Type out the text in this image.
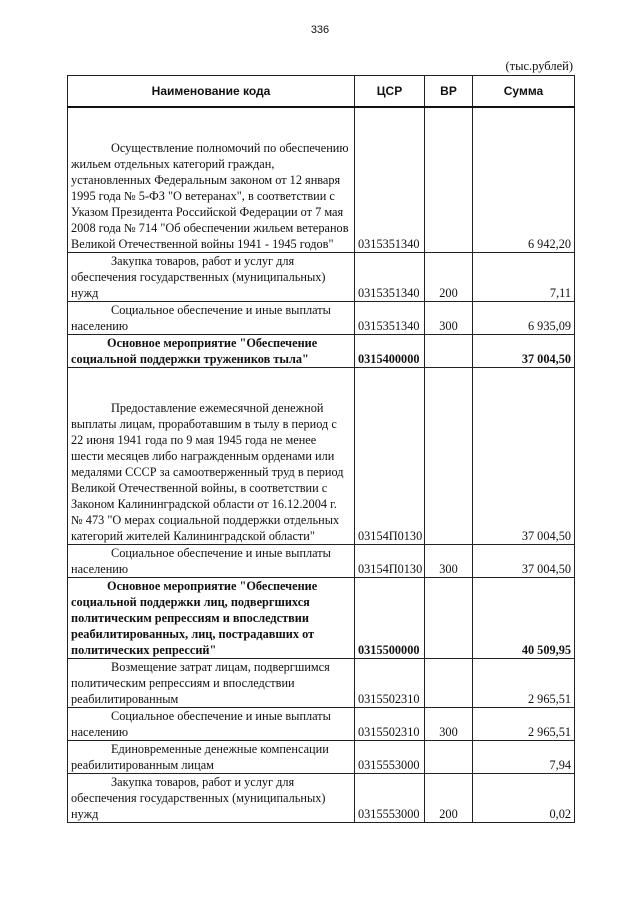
336
(тыс.рублей)
Наименование кода	ЦСР	ВР	Сумма

Осуществление полномочий по обеспечению жильем отдельных категорий граждан, установленных Федеральным законом от 12 января 1995 года № 5-ФЗ "О ветеранах", в соответствии с Указом Президента Российской Федерации от 7 мая 2008 года № 714 "Об обеспечении жильем ветеранов Великой Отечественной войны 1941 - 1945 годов"	0315351340		6 942,20

Закупка товаров, работ и услуг для обеспечения государственных (муниципальных) нужд	0315351340	200	7,11

Социальное обеспечение и иные выплаты населению	0315351340	300	6 935,09

Основное мероприятие "Обеспечение социальной поддержки тружеников тыла"	0315400000		37 004,50

Предоставление ежемесячной денежной выплаты лицам, проработавшим в тылу в период с 22 июня 1941 года по 9 мая 1945 года не менее шести месяцев либо награжденным орденами или медалями СССР за самоотверженный труд в период Великой Отечественной войны, в соответствии с Законом Калининградской области от 16.12.2004 г. № 473 "О мерах социальной поддержки отдельных категорий жителей Калининградской области"	03154П0130		37 004,50

Социальное обеспечение и иные выплаты населению	03154П0130	300	37 004,50

Основное мероприятие "Обеспечение социальной поддержки лиц, подвергшихся политическим репрессиям и впоследствии реабилитированных, лиц, пострадавших от политических репрессий"	0315500000		40 509,95

Возмещение затрат лицам, подвергшимся политическим репрессиям и впоследствии реабилитированным	0315502310		2 965,51

Социальное обеспечение и иные выплаты населению	0315502310	300	2 965,51

Единовременные денежные компенсации реабилитированным лицам	0315553000		7,94

Закупка товаров, работ и услуг для обеспечения государственных (муниципальных) нужд	0315553000	200	0,02
